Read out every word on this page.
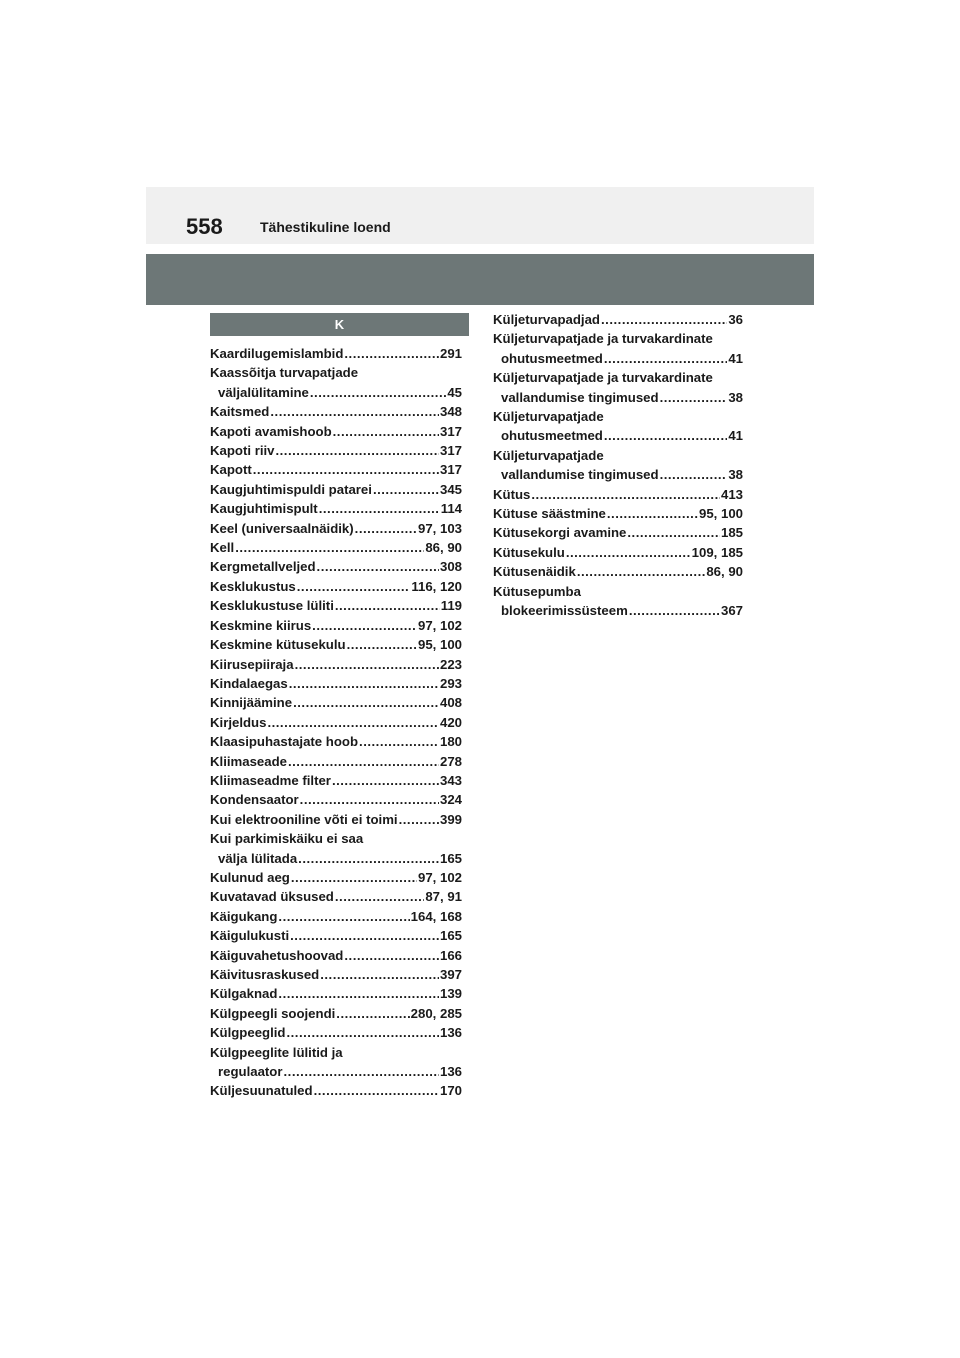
558	Tähestikuline loend
K
Kaardilugemislambid .....	291
Kaassõitja turvapatjade
väljalülitamine .....	45
Kaitsmed .....	348
Kapoti avamishoob .....	317
Kapoti riiv .....	317
Kapott .....	317
Kaugjuhtimispuldi patarei .....	345
Kaugjuhtimispult .....	114
Keel (universaalnäidik) .....	97, 103
Kell .....	86, 90
Kergmetallveljed .....	308
Kesklukustus .....	116, 120
Kesklukustuse lüliti .....	119
Keskmine kiirus .....	97, 102
Keskmine kütusekulu .....	95, 100
Kiirusepiiraja .....	223
Kindalaegas .....	293
Kinnijäämine .....	408
Kirjeldus .....	420
Klaasipuhastajate hoob .....	180
Kliimaseade .....	278
Kliimaseadme filter .....	343
Kondensaator .....	324
Kui elektrooniline võti ei toimi .....	399
Kui parkimiskäiku ei saa
välja lülitada .....	165
Kulunud aeg .....	97, 102
Kuvatavad üksused .....	87, 91
Käigukang .....	164, 168
Käigulukusti .....	165
Käiguvahetushoovad .....	166
Käivitusraskused .....	397
Külgaknad .....	139
Külgpeegli soojendi .....	280, 285
Külgpeeglid .....	136
Külgpeeglite lülitid ja
regulaator .....	136
Küljesuunatuled .....	170
Küljeturvapadjad .....	36
Küljeturvapatjade ja turvakardinate
ohutusmeetmed .....	41
Küljeturvapatjade ja turvakardinate
vallandumise tingimused .....	38
Küljeturvapatjade
ohutusmeetmed .....	41
Küljeturvapatjade
vallandumise tingimused .....	38
Kütus .....	413
Kütuse säästmine .....	95, 100
Kütusekorgi avamine .....	185
Kütusekulu .....	109, 185
Kütusenäidik .....	86, 90
Kütusepumba
blokeerimissüsteem .....	367
